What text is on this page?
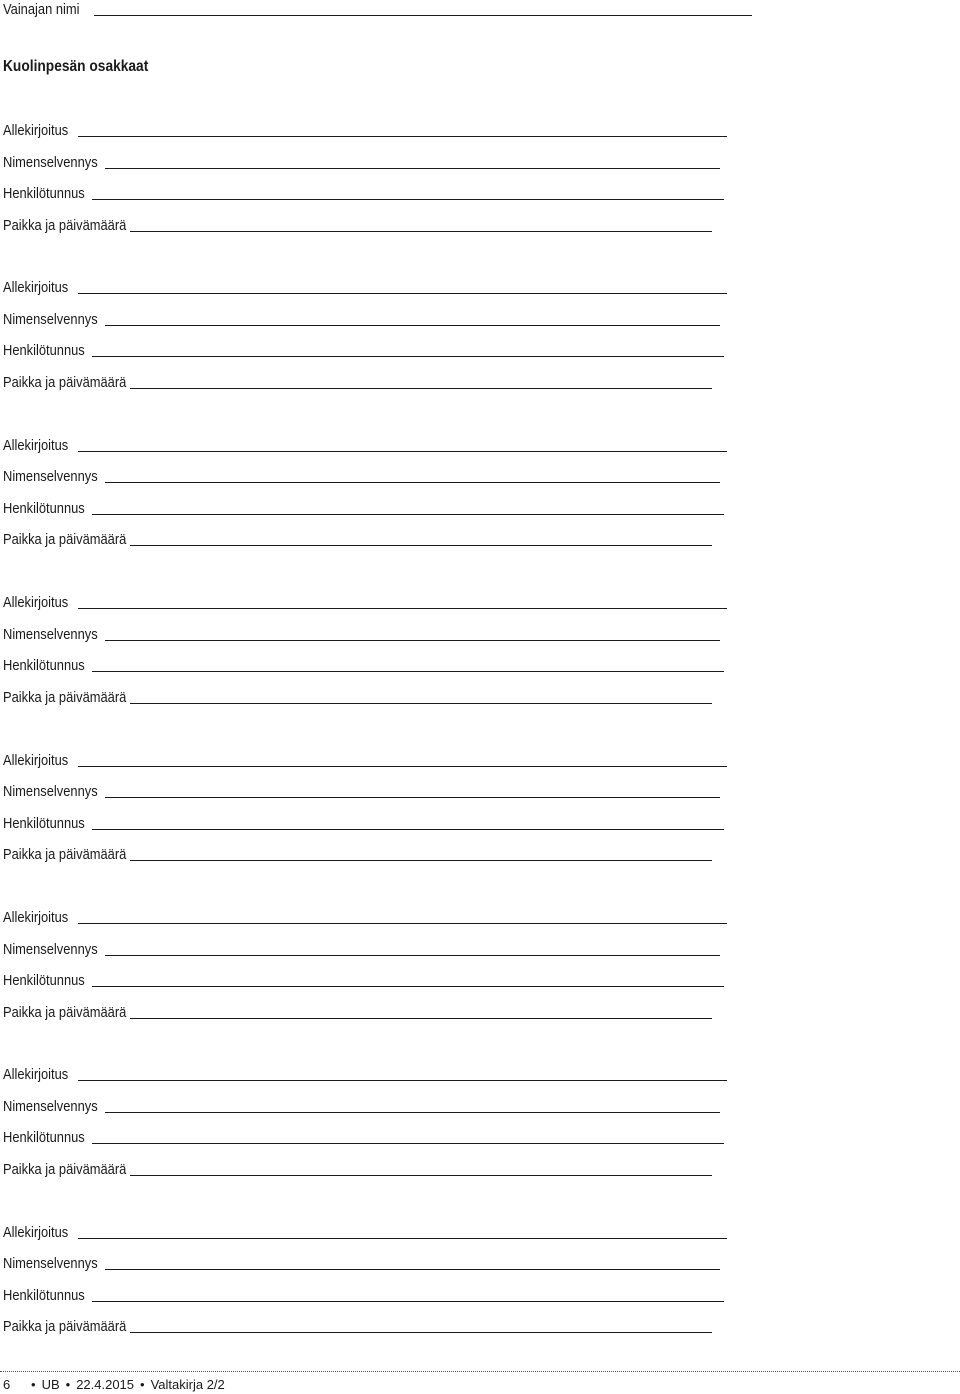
Vainajan nimi
Kuolinpesän osakkaat
Allekirjoitus
Nimenselvennys
Henkilötunnus
Paikka ja päivämäärä
Allekirjoitus
Nimenselvennys
Henkilötunnus
Paikka ja päivämäärä
Allekirjoitus
Nimenselvennys
Henkilötunnus
Paikka ja päivämäärä
Allekirjoitus
Nimenselvennys
Henkilötunnus
Paikka ja päivämäärä
Allekirjoitus
Nimenselvennys
Henkilötunnus
Paikka ja päivämäärä
Allekirjoitus
Nimenselvennys
Henkilötunnus
Paikka ja päivämäärä
Allekirjoitus
Nimenselvennys
Henkilötunnus
Paikka ja päivämäärä
Allekirjoitus
Nimenselvennys
Henkilötunnus
Paikka ja päivämäärä
6	• UB • 22.4.2015 • Valtakirja 2/2
